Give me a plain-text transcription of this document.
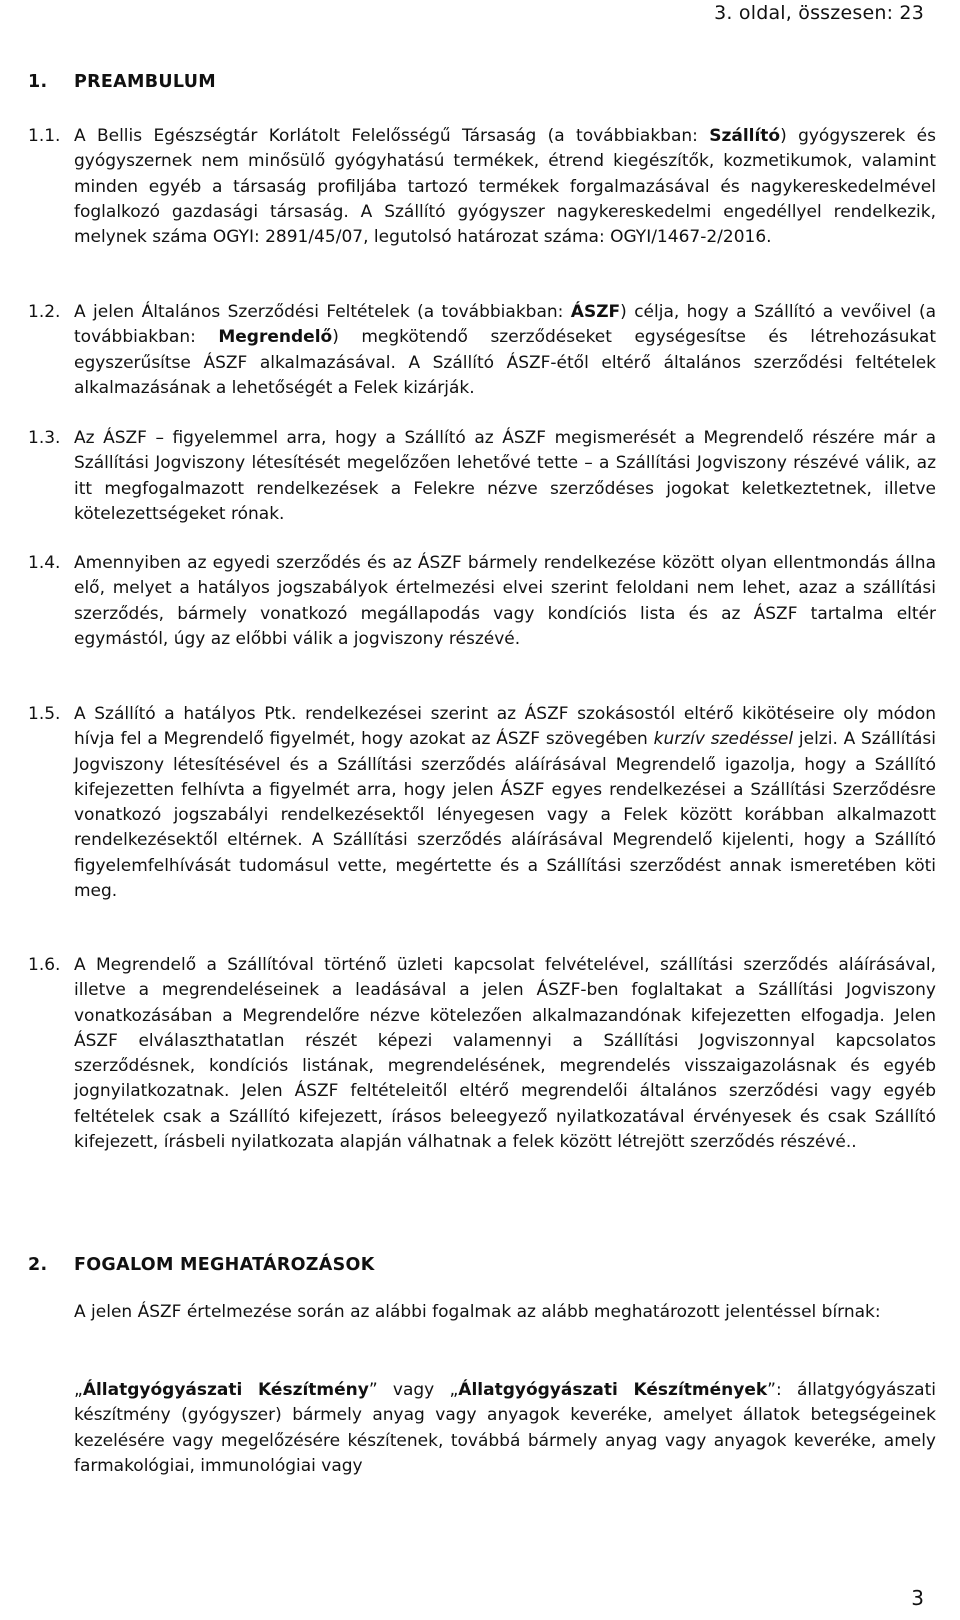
3. oldal, összesen: 23
1. PREAMBULUM
1.1. A Bellis Egészségtár Korlátolt Felelősségű Társaság (a továbbiakban: Szállító) gyógyszerek és gyógyszernek nem minősülő gyógyhatású termékek, étrend kiegészítők, kozmetikumok, valamint minden egyéb a társaság profiljába tartozó termékek forgalmazásával és nagykereskedelmével foglalkozó gazdasági társaság. A Szállító gyógyszer nagykereskedelmi engedéllyel rendelkezik, melynek száma OGYI: 2891/45/07, legutolsó határozat száma: OGYI/1467-2/2016.
1.2. A jelen Általános Szerződési Feltételek (a továbbiakban: ÁSZF) célja, hogy a Szállító a vevőivel (a továbbiakban: Megrendelő) megkötendő szerződéseket egységesítse és létrehozásukat egyszerűsítse ÁSZF alkalmazásával. A Szállító ÁSZF-étől eltérő általános szerződési feltételek alkalmazásának a lehetőségét a Felek kizárják.
1.3. Az ÁSZF – figyelemmel arra, hogy a Szállító az ÁSZF megismerését a Megrendelő részére már a Szállítási Jogviszony létesítését megelőzően lehetővé tette – a Szállítási Jogviszony részévé válik, az itt megfogalmazott rendelkezések a Felekre nézve szerződéses jogokat keletkeztetnek, illetve kötelezettségeket rónak.
1.4. Amennyiben az egyedi szerződés és az ÁSZF bármely rendelkezése között olyan ellentmondás állna elő, melyet a hatályos jogszabályok értelmezési elvei szerint feloldani nem lehet, azaz a szállítási szerződés, bármely vonatkozó megállapodás vagy kondíciós lista és az ÁSZF tartalma eltér egymástól, úgy az előbbi válik a jogviszony részévé.
1.5. A Szállító a hatályos Ptk. rendelkezései szerint az ÁSZF szokásostól eltérő kikötéseire oly módon hívja fel a Megrendelő figyelmét, hogy azokat az ÁSZF szövegében kurzív szedéssel jelzi. A Szállítási Jogviszony létesítésével és a Szállítási szerződés aláírásával Megrendelő igazolja, hogy a Szállító kifejezetten felhívta a figyelmét arra, hogy jelen ÁSZF egyes rendelkezései a Szállítási Szerződésre vonatkozó jogszabályi rendelkezésektől lényegesen vagy a Felek között korábban alkalmazott rendelkezésektől eltérnek. A Szállítási szerződés aláírásával Megrendelő kijelenti, hogy a Szállító figyelemfelhívását tudomásul vette, megértette és a Szállítási szerződést annak ismeretében köti meg.
1.6. A Megrendelő a Szállítóval történő üzleti kapcsolat felvételével, szállítási szerződés aláírásával, illetve a megrendeléseinek a leadásával a jelen ÁSZF-ben foglaltakat a Szállítási Jogviszony vonatkozásában a Megrendelőre nézve kötelezően alkalmazandónak kifejezetten elfogadja. Jelen ÁSZF elválaszthatatlan részét képezi valamennyi a Szállítási Jogviszonnyal kapcsolatos szerződésnek, kondíciós listának, megrendelésének, megrendelés visszaigazolásnak és egyéb jognyilatkozatnak. Jelen ÁSZF feltételeitől eltérő megrendelői általános szerződési vagy egyéb feltételek csak a Szállító kifejezett, írásos beleegyező nyilatkozatával érvényesek és csak Szállító kifejezett, írásbeli nyilatkozata alapján válhatnak a felek között létrejött szerződés részévé..
2. FOGALOM MEGHATÁROZÁSOK
A jelen ÁSZF értelmezése során az alábbi fogalmak az alább meghatározott jelentéssel bírnak:
„Állatgyógyászati Készítmény” vagy „Állatgyógyászati Készítmények”: állatgyógyászati készítmény (gyógyszer) bármely anyag vagy anyagok keveréke, amelyet állatok betegségeinek kezelésére vagy megelőzésére készítenek, továbbá bármely anyag vagy anyagok keveréke, amely farmakológiai, immunológiai vagy
3
